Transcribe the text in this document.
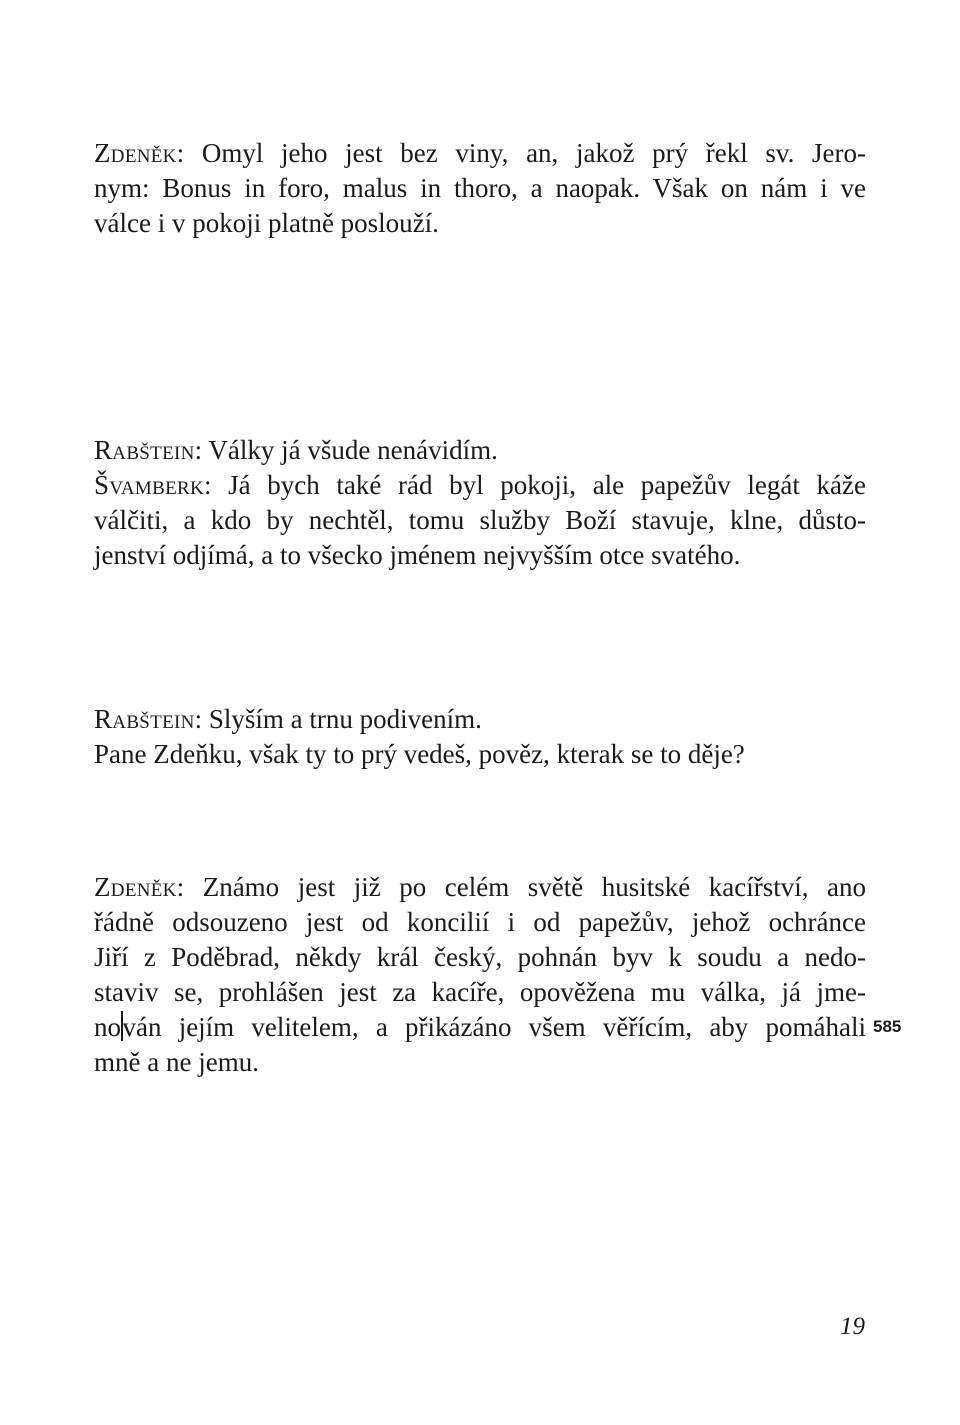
Zdeněk: Omyl jeho jest bez viny, an, jakož prý řekl sv. Jero-
nym: Bonus in foro, malus in thoro, a naopak. Však on nám i ve
válce i v pokoji platně poslouží.

Rabštein: Války já všude nenávidím.

Švamberk: Já bych také rád byl pokoji, ale papežův legát káže
válčiti, a kdo by nechtěl, tomu služby Boží stavuje, klne, důsto-
jenství odjímá, a to všecko jménem nejvyšším otce svatého.

Rabštein: Slyším a trnu podivením.
Pane Zdeňku, však ty to prý vedeš, pověz, kterak se to děje?

Zdeněk: Známo jest již po celém světě husitské kacířství, ano
řádně odsouzeno jest od koncilií i od papežův, jehož ochránce
Jiří z Poděbrad, někdy král český, pohnán byv k soudu a nedo-
staviv se, prohlášen jest za kacíře, opověžena mu válka, já jme-
nován jejím velitelem, a přikázáno všem věřícím, aby pomáhali
mně a ne jemu.

585
19
